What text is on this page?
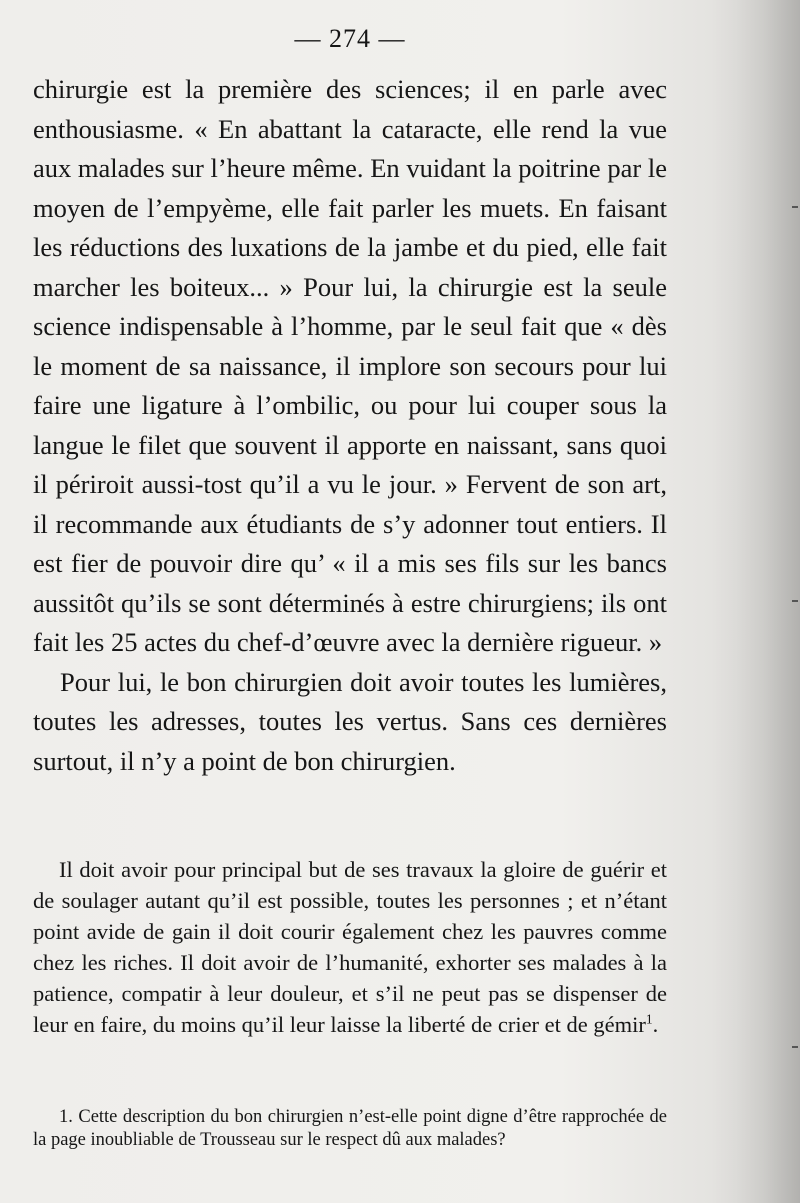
— 274 —

chirurgie est la première des sciences; il en parle avec enthousiasme. « En abattant la cataracte, elle rend la vue aux malades sur l’heure même. En vuidant la poitrine par le moyen de l’empyème, elle fait parler les muets. En faisant les réductions des luxations de la jambe et du pied, elle fait marcher les boiteux... » Pour lui, la chirurgie est la seule science indispensable à l’homme, par le seul fait que « dès le moment de sa naissance, il implore son secours pour lui faire une ligature à l’ombilic, ou pour lui couper sous la langue le filet que souvent il apporte en naissant, sans quoi il périroit aussi-tost qu’il a vu le jour. » Fervent de son art, il recommande aux étudiants de s’y adonner tout entiers. Il est fier de pouvoir dire qu’ « il a mis ses fils sur les bancs aussitôt qu’ils se sont déterminés à estre chirurgiens; ils ont fait les 25 actes du chef-d’œuvre avec la dernière rigueur. »

Pour lui, le bon chirurgien doit avoir toutes les lumières, toutes les adresses, toutes les vertus. Sans ces dernières surtout, il n’y a point de bon chirurgien.

Il doit avoir pour principal but de ses travaux la gloire de guérir et de soulager autant qu’il est possible, toutes les personnes ; et n’étant point avide de gain il doit courir également chez les pauvres comme chez les riches. Il doit avoir de l’humanité, exhorter ses malades à la patience, compatir à leur douleur, et s’il ne peut pas se dispenser de leur en faire, du moins qu’il leur laisse la liberté de crier et de gémir$^1$.

1. Cette description du bon chirurgien n’est-elle point digne d’être rapprochée de la page inoubliable de Trousseau sur le respect dû aux malades?
